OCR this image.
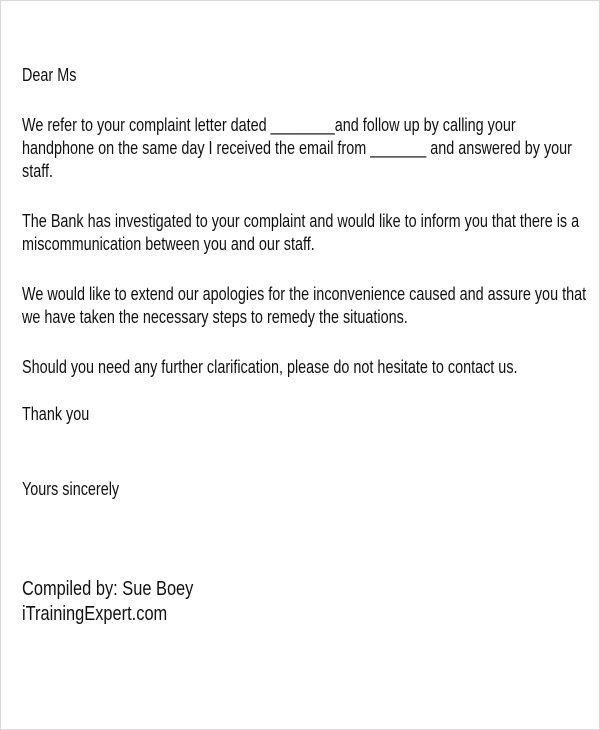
Dear Ms
We refer to your complaint letter dated ________and follow up by calling your
handphone on the same day I received the email from _______ and answered by your
staff.
The Bank has investigated to your complaint and would like to inform you that there is a
miscommunication between you and our staff.
We would like to extend our apologies for the inconvenience caused and assure you that
we have taken the necessary steps to remedy the situations.
Should you need any further clarification, please do not hesitate to contact us.
Thank you
Yours sincerely
Compiled by: Sue Boey
iTrainingExpert.com
